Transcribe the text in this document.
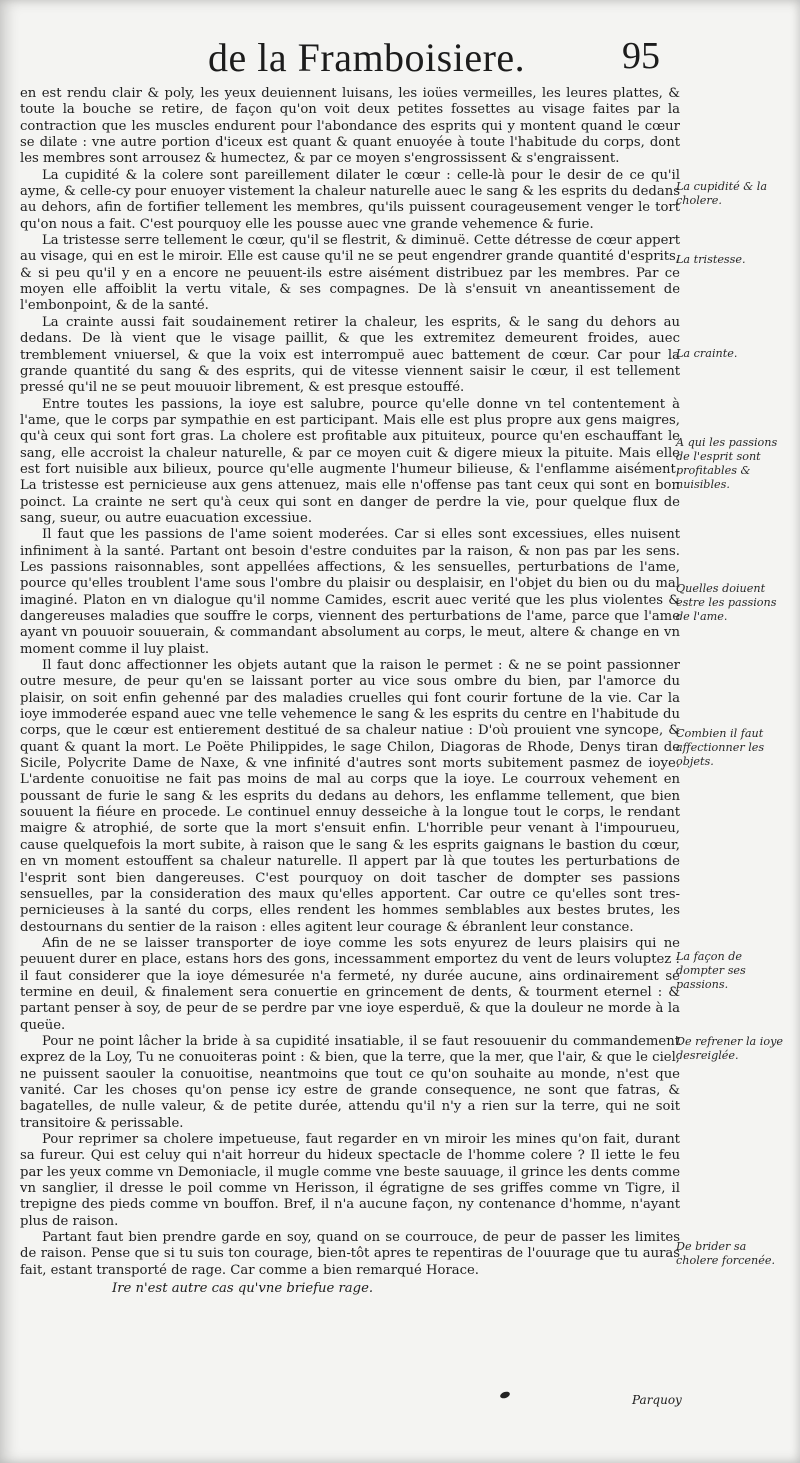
de la Framboisiere.	95

en est rendu clair & poly, les yeux deuiennent luisans, les ioües vermeilles, les leures plattes, & toute la bouche se retire, de façon qu'on voit deux petites fossettes au visage faites par la contraction que les muscles endurent pour l'abondance des esprits qui y montent quand le cœur se dilate : vne autre portion d'iceux est quant & quant enuoyée à toute l'habitude du corps, dont les membres sont arrousez & humectez, & par ce moyen s'engrossissent & s'engraissent.

La cupidité & la colere sont pareillement dilater le cœur : celle-là pour le desir de ce qu'il ayme, & celle-cy pour enuoyer vistement la chaleur naturelle auec le sang & les esprits du dedans au dehors, afin de fortifier tellement les membres, qu'ils puissent courageusement venger le tort qu'on nous a fait. C'est pourquoy elle les pousse auec vne grande vehemence & furie.

La tristesse serre tellement le cœur, qu'il se flestrit, & diminuë. Cette détresse de cœur appert au visage, qui en est le miroir. Elle est cause qu'il ne se peut engendrer grande quantité d'esprits, & si peu qu'il y en a encore ne peuuent-ils estre aisément distribuez par les membres. Par ce moyen elle affoiblit la vertu vitale, & ses compagnes. De là s'ensuit vn aneantissement de l'embonpoint, & de la santé.

La crainte aussi fait soudainement retirer la chaleur, les esprits, & le sang du dehors au dedans. De là vient que le visage paillit, & que les extremitez demeurent froides, auec tremblement vniuersel, & que la voix est interrompuë auec battement de cœur. Car pour la grande quantité du sang & des esprits, qui de vitesse viennent saisir le cœur, il est tellement pressé qu'il ne se peut mouuoir librement, & est presque estouffé.

Entre toutes les passions, la ioye est salubre, pource qu'elle donne vn tel contentement à l'ame, que le corps par sympathie en est participant. Mais elle est plus propre aux gens maigres, qu'à ceux qui sont fort gras. La cholere est profitable aux pituiteux, pource qu'en eschauffant le sang, elle accroist la chaleur naturelle, & par ce moyen cuit & digere mieux la pituite. Mais elle est fort nuisible aux bilieux, pource qu'elle augmente l'humeur bilieuse, & l'enflamme aisément. La tristesse est pernicieuse aux gens attenuez, mais elle n'offense pas tant ceux qui sont en bon poinct. La crainte ne sert qu'à ceux qui sont en danger de perdre la vie, pour quelque flux de sang, sueur, ou autre euacuation excessiue.

Il faut que les passions de l'ame soient moderées. Car si elles sont excessiues, elles nuisent infiniment à la santé. Partant ont besoin d'estre conduites par la raison, & non pas par les sens. Les passions raisonnables, sont appellées affections, & les sensuelles, perturbations de l'ame, pource qu'elles troublent l'ame sous l'ombre du plaisir ou desplaisir, en l'objet du bien ou du mal imaginé. Platon en vn dialogue qu'il nomme Camides, escrit auec verité que les plus violentes & dangereuses maladies que souffre le corps, viennent des perturbations de l'ame, parce que l'ame ayant vn pouuoir souuerain, & commandant absolument au corps, le meut, altere & change en vn moment comme il luy plaist.

Il faut donc affectionner les objets autant que la raison le permet : & ne se point passionner outre mesure, de peur qu'en se laissant porter au vice sous ombre du bien, par l'amorce du plaisir, on soit enfin gehenné par des maladies cruelles qui font courir fortune de la vie. Car la ioye immoderée espand auec vne telle vehemence le sang & les esprits du centre en l'habitude du corps, que le cœur est entierement destitué de sa chaleur natiue : D'où prouient vne syncope, & quant & quant la mort. Le Poëte Philippides, le sage Chilon, Diagoras de Rhode, Denys tiran de Sicile, Polycrite Dame de Naxe, & vne infinité d'autres sont morts subitement pasmez de ioye. L'ardente conuoitise ne fait pas moins de mal au corps que la ioye. Le courroux vehement en poussant de furie le sang & les esprits du dedans au dehors, les enflamme tellement, que bien souuent la fiéure en procede. Le continuel ennuy desseiche à la longue tout le corps, le rendant maigre & atrophié, de sorte que la mort s'ensuit enfin. L'horrible peur venant à l'impourueu, cause quelquefois la mort subite, à raison que le sang & les esprits gaignans le bastion du cœur, en vn moment estouffent sa chaleur naturelle. Il appert par là que toutes les perturbations de l'esprit sont bien dangereuses. C'est pourquoy on doit tascher de dompter ses passions sensuelles, par la consideration des maux qu'elles apportent. Car outre ce qu'elles sont tres-pernicieuses à la santé du corps, elles rendent les hommes semblables aux bestes brutes, les destournans du sentier de la raison : elles agitent leur courage & ébranlent leur constance.

Afin de ne se laisser transporter de ioye comme les sots enyurez de leurs plaisirs qui ne peuuent durer en place, estans hors des gons, incessamment emportez du vent de leurs voluptez : il faut considerer que la ioye démesurée n'a fermeté, ny durée aucune, ains ordinairement se termine en deuil, & finalement sera conuertie en grincement de dents, & tourment eternel : & partant penser à soy, de peur de se perdre par vne ioye esperduë, & que la douleur ne morde à la queüe.

Pour ne point lâcher la bride à sa cupidité insatiable, il se faut resouuenir du commandement exprez de la Loy, Tu ne conuoiteras point : & bien, que la terre, que la mer, que l'air, & que le ciel, ne puissent saouler la conuoitise, neantmoins que tout ce qu'on souhaite au monde, n'est que vanité. Car les choses qu'on pense icy estre de grande consequence, ne sont que fatras, & bagatelles, de nulle valeur, & de petite durée, attendu qu'il n'y a rien sur la terre, qui ne soit transitoire & perissable.

Pour reprimer sa cholere impetueuse, faut regarder en vn miroir les mines qu'on fait, durant sa fureur. Qui est celuy qui n'ait horreur du hideux spectacle de l'homme colere ? Il iette le feu par les yeux comme vn Demoniacle, il mugle comme vne beste sauuage, il grince les dents comme vn sanglier, il dresse le poil comme vn Herisson, il égratigne de ses griffes comme vn Tigre, il trepigne des pieds comme vn bouffon. Bref, il n'a aucune façon, ny contenance d'homme, n'ayant plus de raison.

Partant faut bien prendre garde en soy, quand on se courrouce, de peur de passer les limites de raison. Pense que si tu suis ton courage, bien-tôt apres te repentiras de l'ouurage que tu auras fait, estant transporté de rage. Car comme a bien remarqué Horace.

Ire n'est autre cas qu'vne briefue rage.

La cupidité & la cholere.
La tristesse.
La crainte.
A qui les passions de l'esprit sont profitables & nuisibles.
Quelles doiuent estre les passions de l'ame.
Combien il faut affectionner les objets.
La façon de dompter ses passions.
De refrener la ioye desreiglée.
De brider sa cholere forcenée.
Parquoy
